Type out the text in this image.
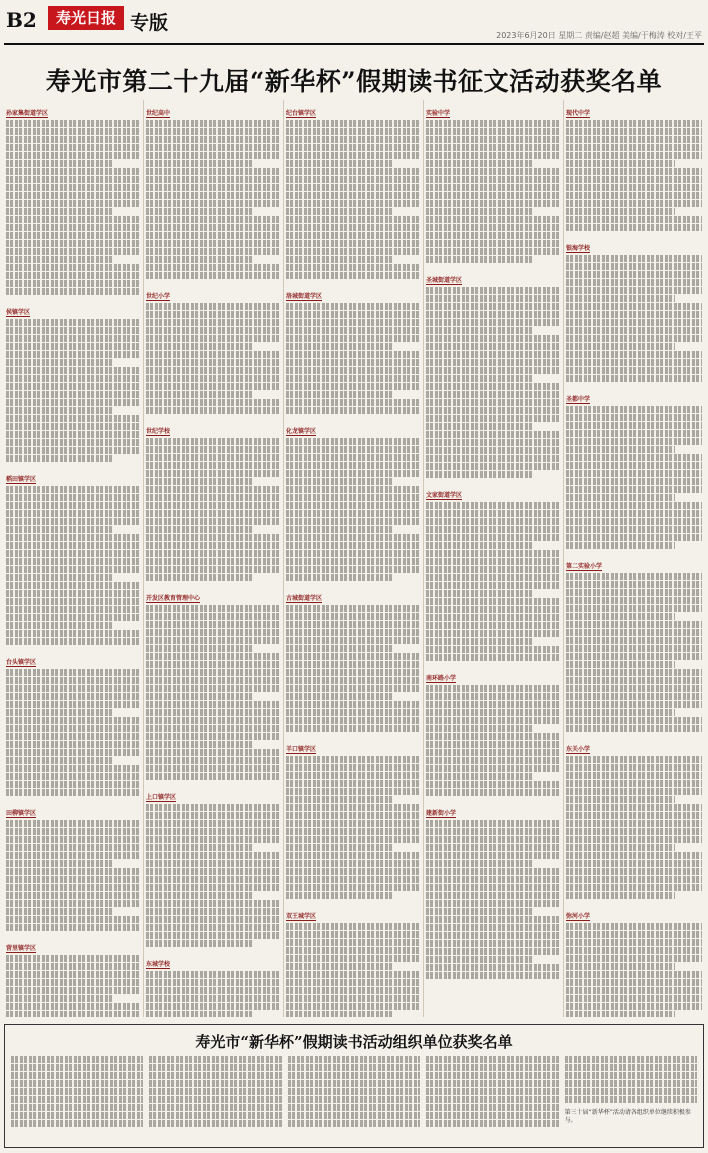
B2	寿光日报 专版
2023年6月20日 星期二 责编/赵超 美编/于梅涛 校对/王平
寿光市第二十九届“新华杯”假期读书征文活动获奖名单
孙家集街道学区
侯镇学区
稻田镇学区
台头镇学区
田柳镇学区
营里镇学区
世纪高中
世纪小学
世纪学校
开发区教育管理中心
上口镇学区
东城学校
纪台镇学区
洛城街道学区
化龙镇学区
古城街道学区
羊口镇学区
双王城学区
实验中学
圣城街道学区
文家街道学区
南环路小学
建新街小学
现代中学
银海学校
圣都中学
第二实验小学
东关小学
弥河小学
寿光市“新华杯”假期读书活动组织单位获奖名单
第三十届“新华杯”活动请各组织单位继续积极参与。
